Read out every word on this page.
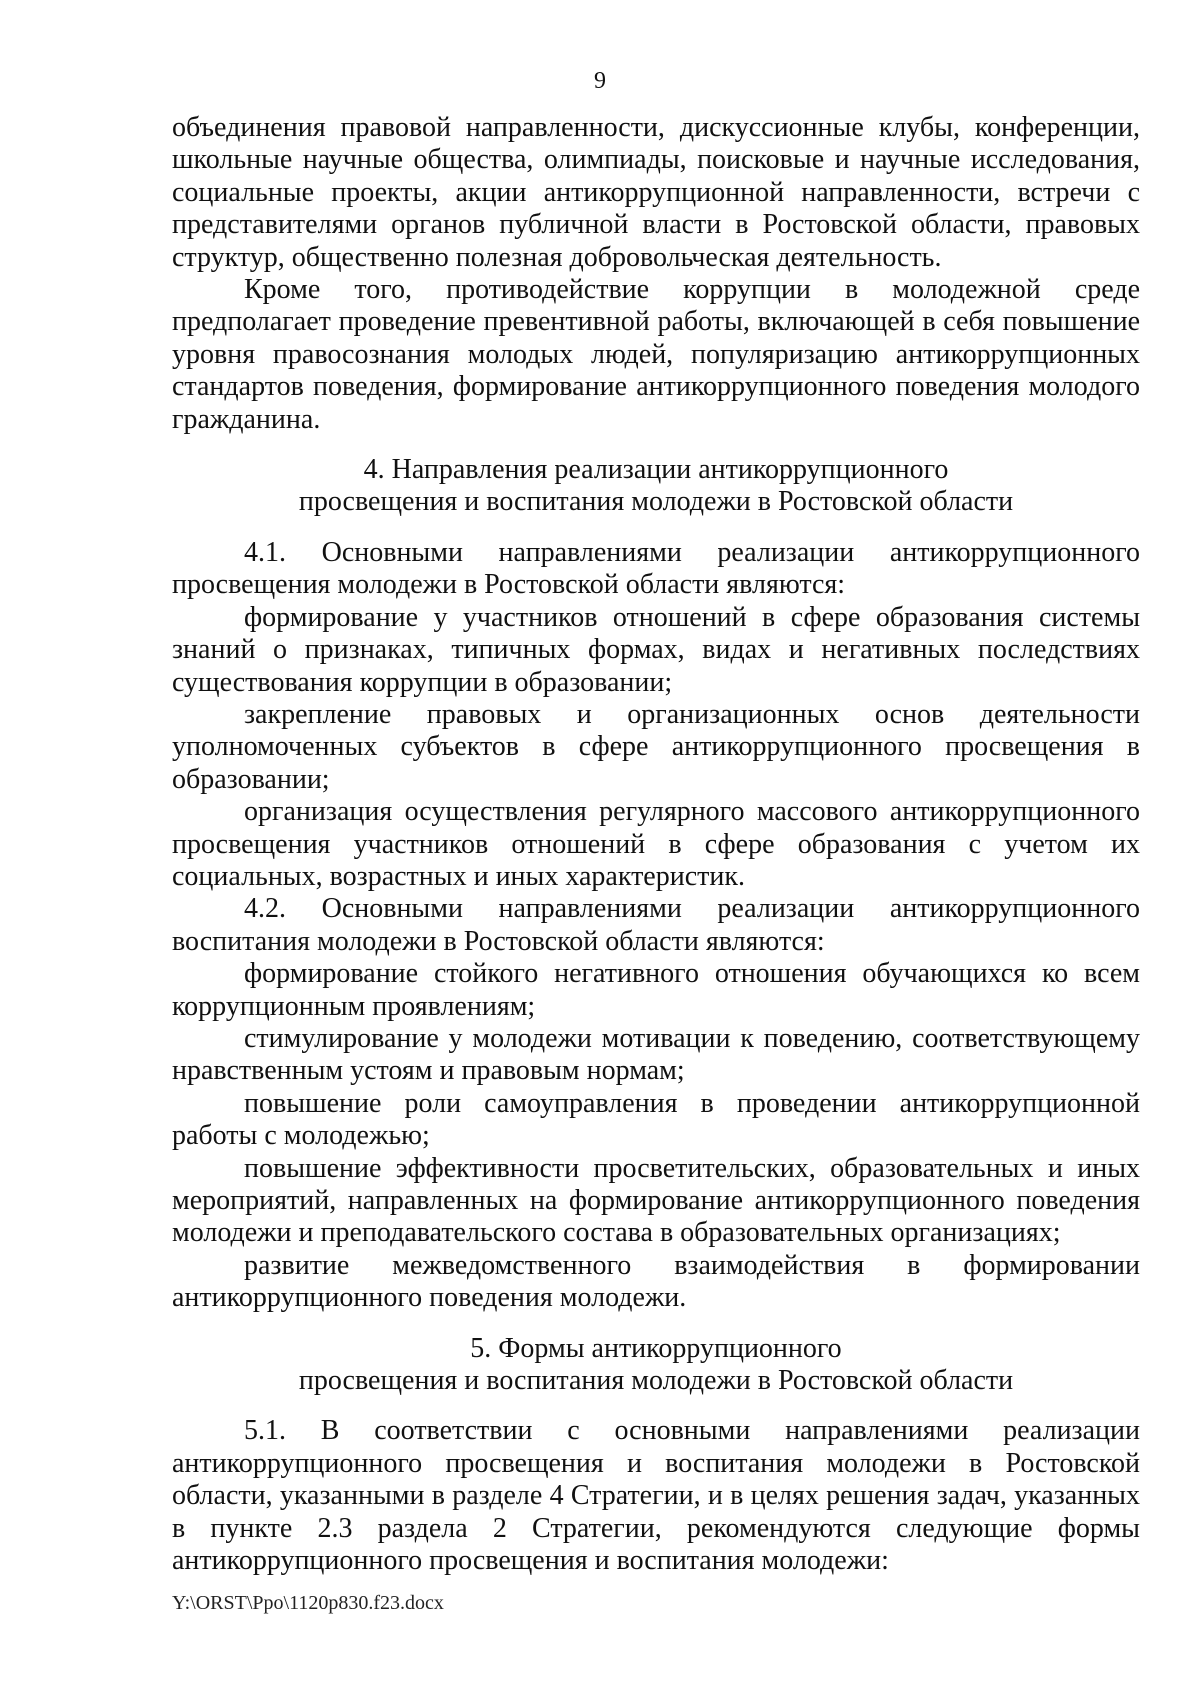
9

объединения правовой направленности, дискуссионные клубы, конференции, школьные научные общества, олимпиады, поисковые и научные исследования, социальные проекты, акции антикоррупционной направленности, встречи с представителями органов публичной власти в Ростовской области, правовых структур, общественно полезная добровольческая деятельность.

Кроме того, противодействие коррупции в молодежной среде предполагает проведение превентивной работы, включающей в себя повышение уровня правосознания молодых людей, популяризацию антикоррупционных стандартов поведения, формирование антикоррупционного поведения молодого гражданина.

4. Направления реализации антикоррупционного
просвещения и воспитания молодежи в Ростовской области

4.1. Основными направлениями реализации антикоррупционного просвещения молодежи в Ростовской области являются:

формирование у участников отношений в сфере образования системы знаний о признаках, типичных формах, видах и негативных последствиях существования коррупции в образовании;

закрепление правовых и организационных основ деятельности уполномоченных субъектов в сфере антикоррупционного просвещения в образовании;

организация осуществления регулярного массового антикоррупционного просвещения участников отношений в сфере образования с учетом их социальных, возрастных и иных характеристик.

4.2. Основными направлениями реализации антикоррупционного воспитания молодежи в Ростовской области являются:

формирование стойкого негативного отношения обучающихся ко всем коррупционным проявлениям;

стимулирование у молодежи мотивации к поведению, соответствующему нравственным устоям и правовым нормам;

повышение роли самоуправления в проведении антикоррупционной работы с молодежью;

повышение эффективности просветительских, образовательных и иных мероприятий, направленных на формирование антикоррупционного поведения молодежи и преподавательского состава в образовательных организациях;

развитие межведомственного взаимодействия в формировании антикоррупционного поведения молодежи.

5. Формы антикоррупционного
просвещения и воспитания молодежи в Ростовской области

5.1. В соответствии с основными направлениями реализации антикоррупционного просвещения и воспитания молодежи в Ростовской области, указанными в разделе 4 Стратегии, и в целях решения задач, указанных в пункте 2.3 раздела 2 Стратегии, рекомендуются следующие формы антикоррупционного просвещения и воспитания молодежи:

Y:\ORST\Ppo\1120p830.f23.docx
